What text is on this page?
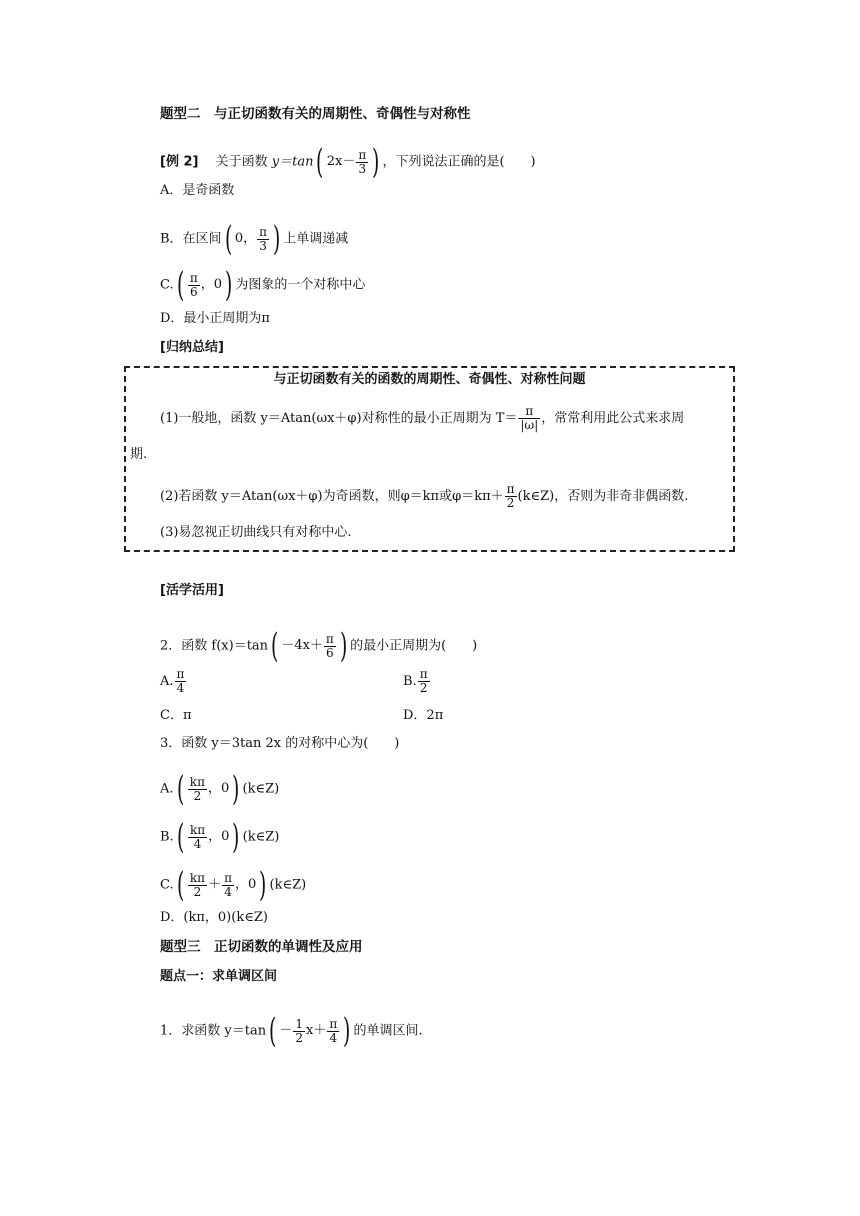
题型二　与正切函数有关的周期性、奇偶性与对称性
[例 2]　 关于函数 y＝tan ( $2x- \frac{\pi}{3}$ ) ，下列说法正确的是(　　)
A．是奇函数
B．在区间 ( 0， $\frac{\pi}{3}$ ) 上单调递减
C. ( $\frac{\pi}{6}$ ，0 ) 为图象的一个对称中心
D．最小正周期为π
[归纳总结]
与正切函数有关的函数的周期性、奇偶性、对称性问题
(1)一般地，函数 y＝Atan(ωx＋φ)对称性的最小正周期为 $T= \frac{\pi}{|\omega|}$ ，常常利用此公式来求周
期.
(2)若函数 y＝Atan(ωx＋φ)为奇函数，则φ＝kπ或$\varphi=k\pi+ \frac{\pi}{2}$ (k∈Z)，否则为非奇非偶函数.
(3)易忽视正切曲线只有对称中心.
[活学活用]
2．函数 f(x)＝tan ( $-4x+ \frac{\pi}{6}$ ) 的最小正周期为(　　)
A. $\frac{\pi}{4}$	B. $\frac{\pi}{2}$
C．π	D．2π
3．函数 y＝3tan 2x 的对称中心为(　　)
A. ( $\frac{k\pi}{2}$ ，0 ) (k∈Z)
B. ( $\frac{k\pi}{4}$ ，0 ) (k∈Z)
C. ( $\frac{k\pi}{2} + \frac{\pi}{4}$ ，0 ) (k∈Z)
D．(kπ，0)(k∈Z)
题型三　正切函数的单调性及应用
题点一：求单调区间
1．求函数 y＝tan ( － $\frac{1}{2} x+ \frac{\pi}{4}$ ) 的单调区间.
